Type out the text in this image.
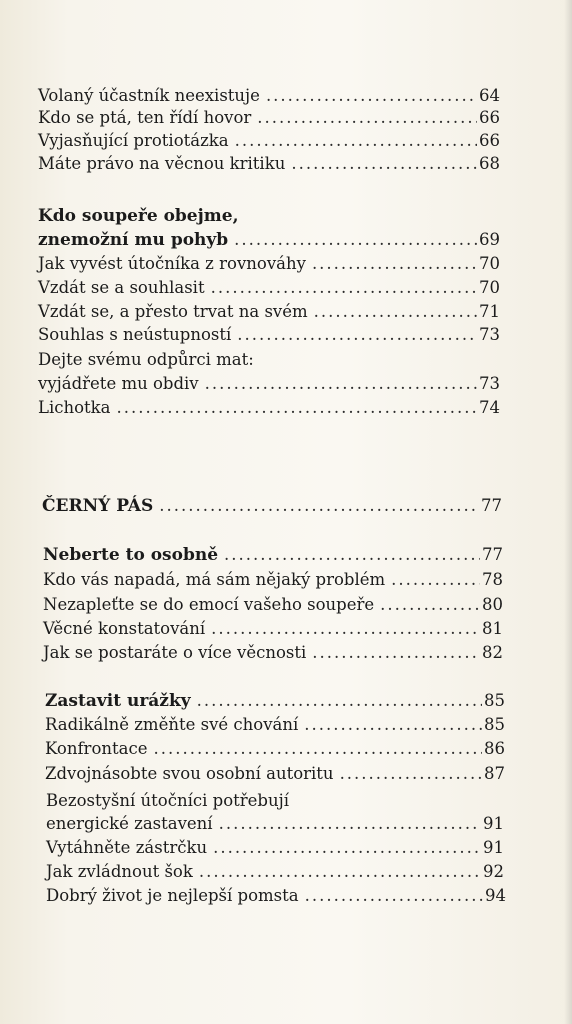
Volaný účastník neexistuje .....	64
Kdo se ptá, ten řídí hovor .....	66
Vyjasňující protiotázka .....	66
Máte právo na věcnou kritiku .....	68
Kdo soupeře obejme,
znemožní mu pohyb .....	69
Jak vyvést útočníka z rovnováhy .....	70
Vzdát se a souhlasit .....	70
Vzdát se, a přesto trvat na svém .....	71
Souhlas s neústupností .....	73
Dejte svému odpůrci mat:
vyjádřete mu obdiv .....	73
Lichotka .....	74
ČERNÝ PÁS .....	77
Neberte to osobně .....	77
Kdo vás napadá, má sám nějaký problém .....	78
Nezapleťte se do emocí vašeho soupeře .....	80
Věcné konstatování .....	81
Jak se postaráte o více věcnosti .....	82
Zastavit urážky .....	85
Radikálně změňte své chování .....	85
Konfrontace .....	86
Zdvojnásobte svou osobní autoritu .....	87
Bezostyšní útočníci potřebují
energické zastavení .....	91
Vytáhněte zástrčku .....	91
Jak zvládnout šok .....	92
Dobrý život je nejlepší pomsta .....	94
